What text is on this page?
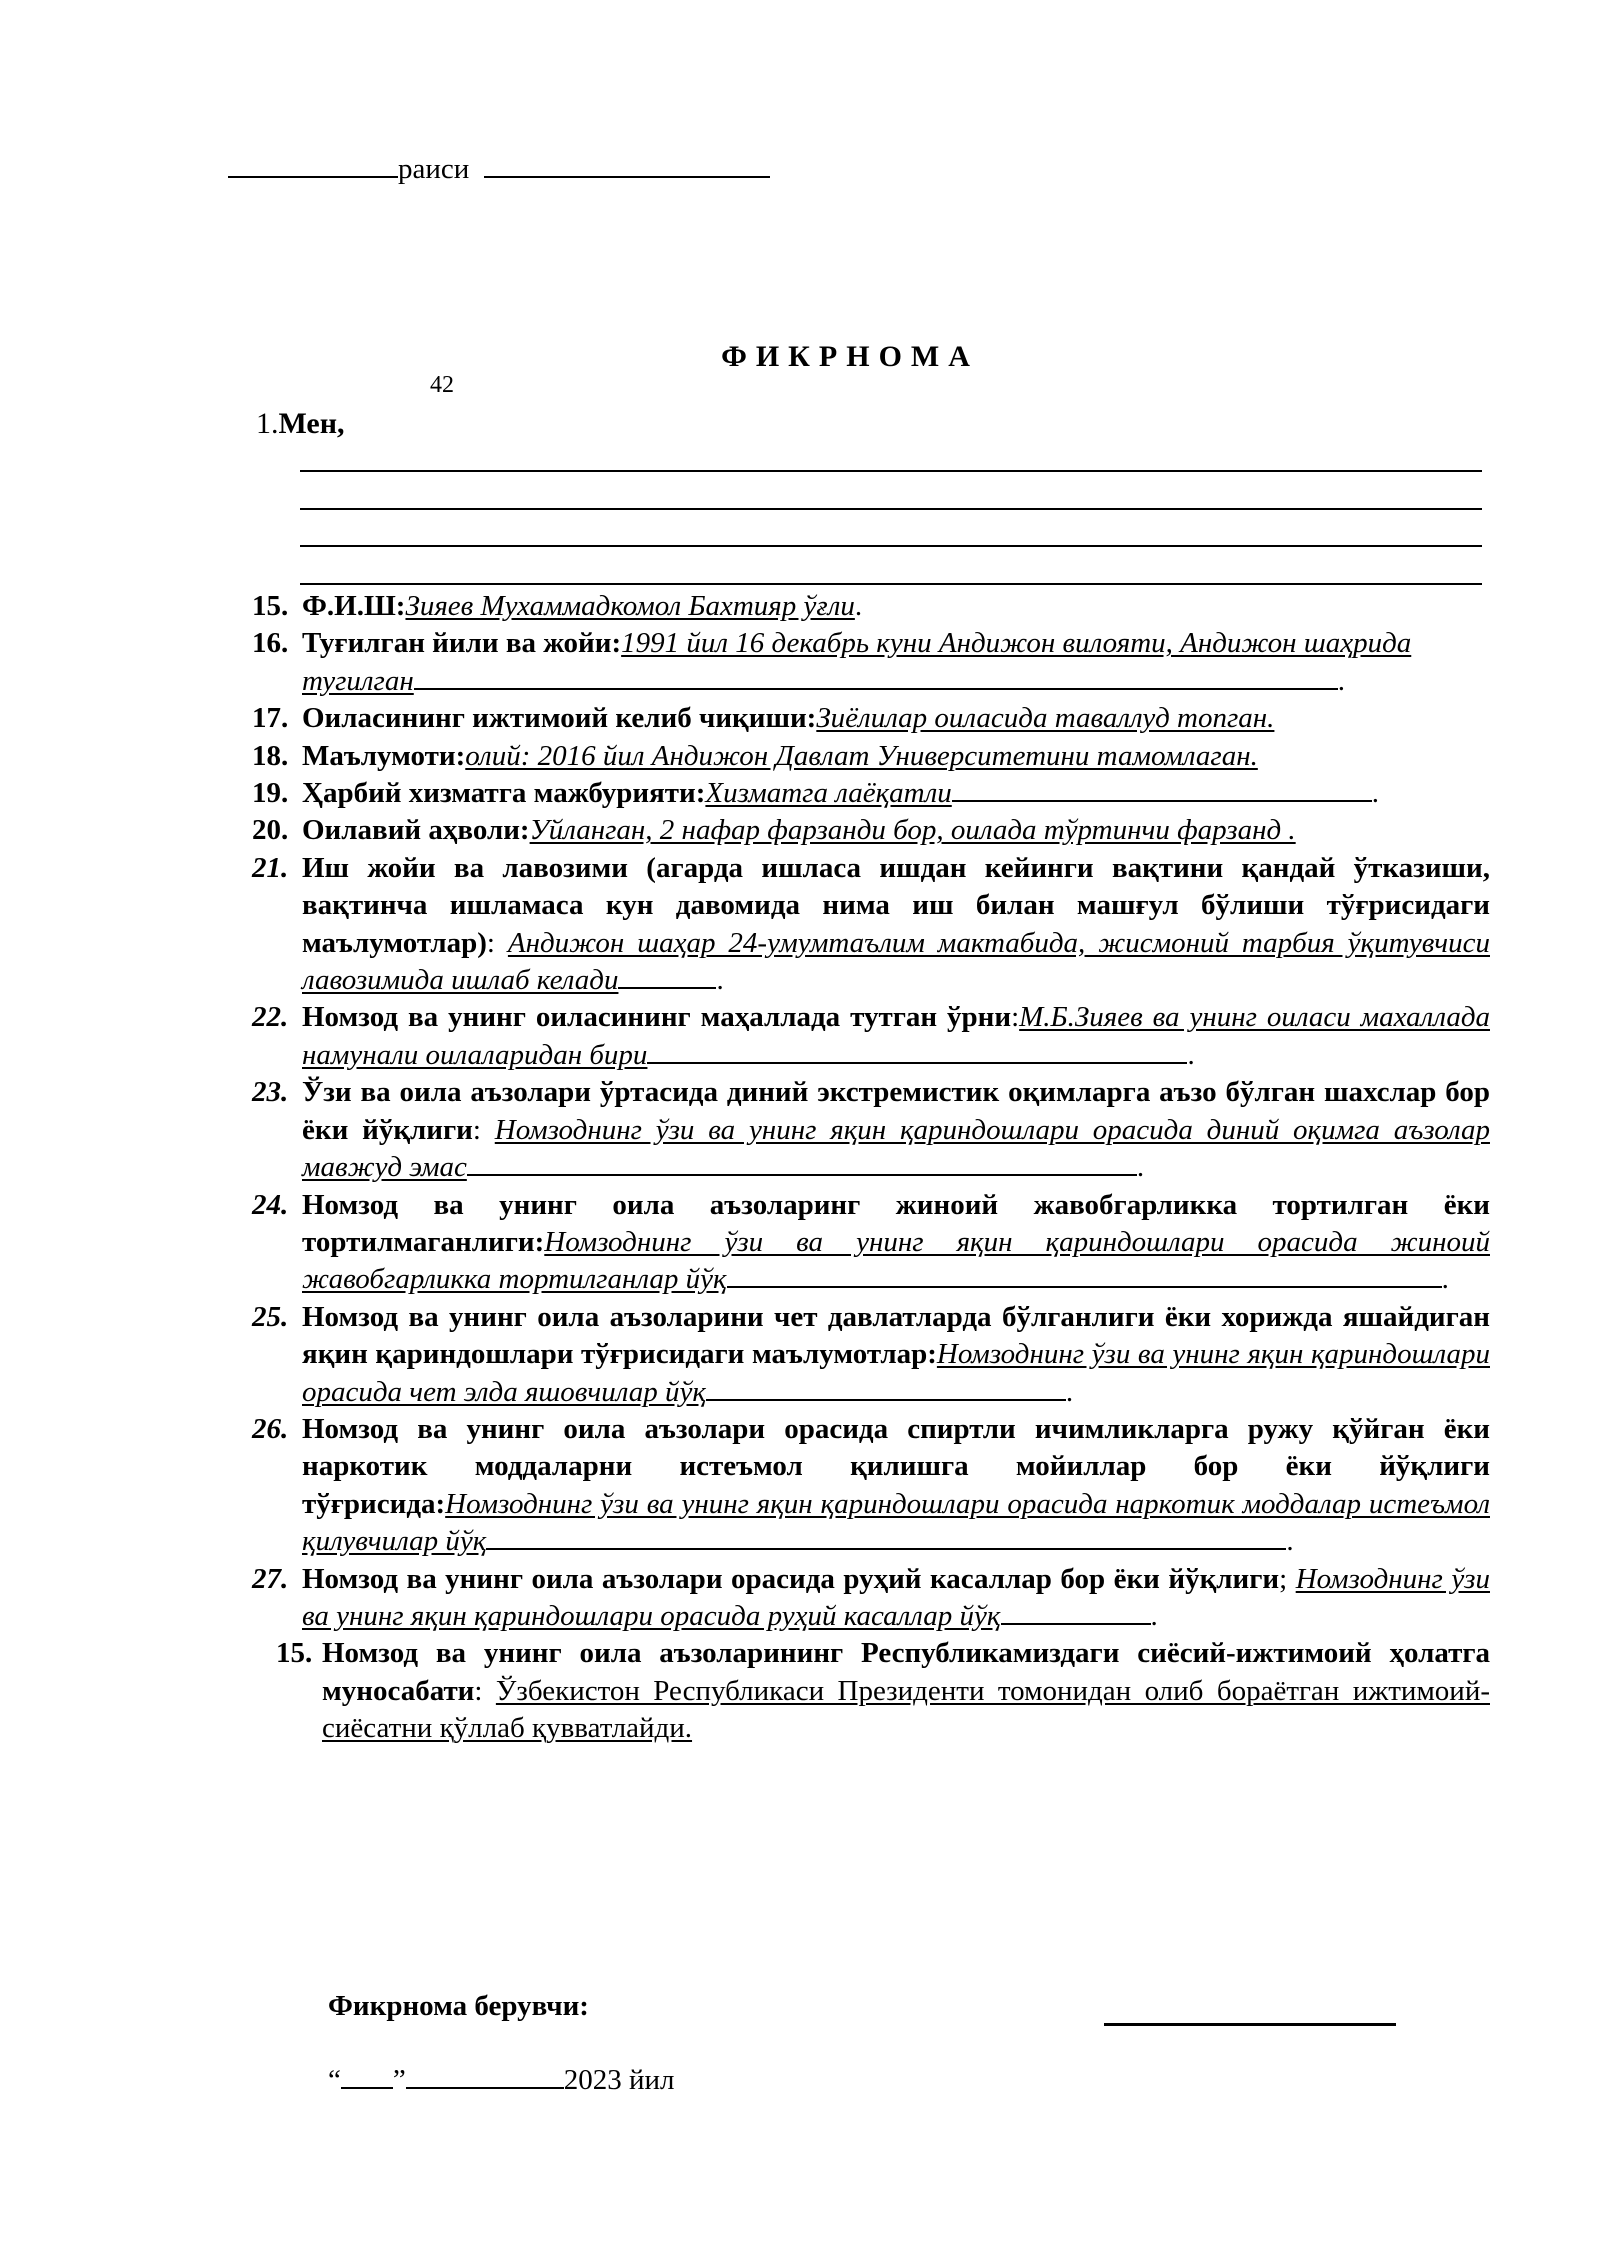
раиси
ФИКРНОМА
42
1.Мен,
15. Ф.И.Ш:Зияев Мухаммадкомол Бахтияр ўғли.
16. Туғилган йили ва жойи:1991 йил 16 декабрь куни Андижон вилояти, Андижон шаҳрида
тугилган	.
17. Оиласининг ижтимоий келиб чиқиши:Зиёлилар оиласида таваллуд топган.
18. Маълумоти:олий: 2016 йил Андижон Давлат Университетини тамомлаган.
19. Ҳарбий хизматга мажбурияти:Хизматга лаёқатли	.
20. Оилавий аҳволи:Уйланган, 2 нафар фарзанди бор, оилада тўртинчи фарзанд .
21. Иш жойи ва лавозими (агарда ишласа ишдан кейинги вақтини қандай ўтказиши, вақтинча ишламаса кун давомида нима иш билан машғул бўлиши тўғрисидаги маълумотлар): Андижон шаҳар 24-умумтаълим мактабида, жисмоний тарбия ўқитувчиси лавозимида ишлаб келади	.
22. Номзод ва унинг оиласининг маҳаллада тутган ўрни:М.Б.Зияев ва унинг оиласи махаллада намунали оилаларидан бири	.
23. Ўзи ва оила аъзолари ўртасида диний экстремистик оқимларга аъзо бўлган шахслар бор ёки йўқлиги: Номзоднинг ўзи ва унинг яқин қариндошлари орасида диний оқимга аъзолар мавжуд эмас	.
24. Номзод ва унинг оила аъзоларинг жиноий жавобгарликка тортилган ёки тортилмаганлиги:Номзоднинг ўзи ва унинг яқин қариндошлари орасида жиноий жавобгарликка тортилганлар йўқ	.
25. Номзод ва унинг оила аъзоларини чет давлатларда бўлганлиги ёки хорижда яшайдиган яқин қариндошлари тўғрисидаги маълумотлар:Номзоднинг ўзи ва унинг яқин қариндошлари орасида чет элда яшовчилар йўқ	.
26. Номзод ва унинг оила аъзолари орасида спиртли ичимликларга ружу қўйган ёки наркотик моддаларни истеъмол қилишга мойиллар бор ёки йўқлиги тўғрисида:Номзоднинг ўзи ва унинг яқин қариндошлари орасида наркотик моддалар истеъмол қилувчилар йўқ	.
27. Номзод ва унинг оила аъзолари орасида руҳий касаллар бор ёки йўқлиги; Номзоднинг ўзи ва унинг яқин қариндошлари орасида руҳий касаллар йўқ	.
15. Номзод ва унинг оила аъзоларининг Республикамиздаги сиёсий-ижтимоий ҳолатга муносабати: Ўзбекистон Республикаси Президенти томонидан олиб бораётган ижтимоий-сиёсатни қўллаб қувватлайди.
Фикрнома берувчи:
“ ”	2023 йил
